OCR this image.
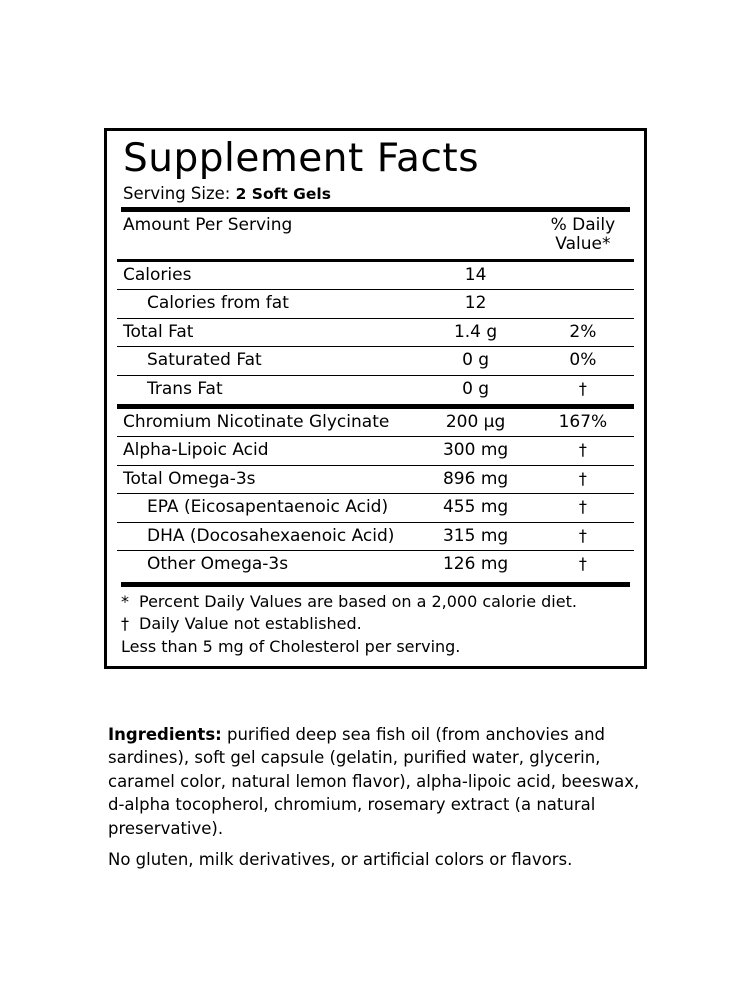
Supplement Facts
Serving Size: 2 Soft Gels
Amount Per Serving		% Daily Value*
Calories	14	
Calories from fat	12	
Total Fat	1.4 g	2%
Saturated Fat	0 g	0%
Trans Fat	0 g	†
Chromium Nicotinate Glycinate	200 µg	167%
Alpha-Lipoic Acid	300 mg	†
Total Omega-3s	896 mg	†
EPA (Eicosapentaenoic Acid)	455 mg	†
DHA (Docosahexaenoic Acid)	315 mg	†
Other Omega-3s	126 mg	†
* Percent Daily Values are based on a 2,000 calorie diet.
† Daily Value not established.
Less than 5 mg of Cholesterol per serving.
Ingredients: purified deep sea fish oil (from anchovies and sardines), soft gel capsule (gelatin, purified water, glycerin, caramel color, natural lemon flavor), alpha-lipoic acid, beeswax, d-alpha tocopherol, chromium, rosemary extract (a natural preservative).
No gluten, milk derivatives, or artificial colors or flavors.
